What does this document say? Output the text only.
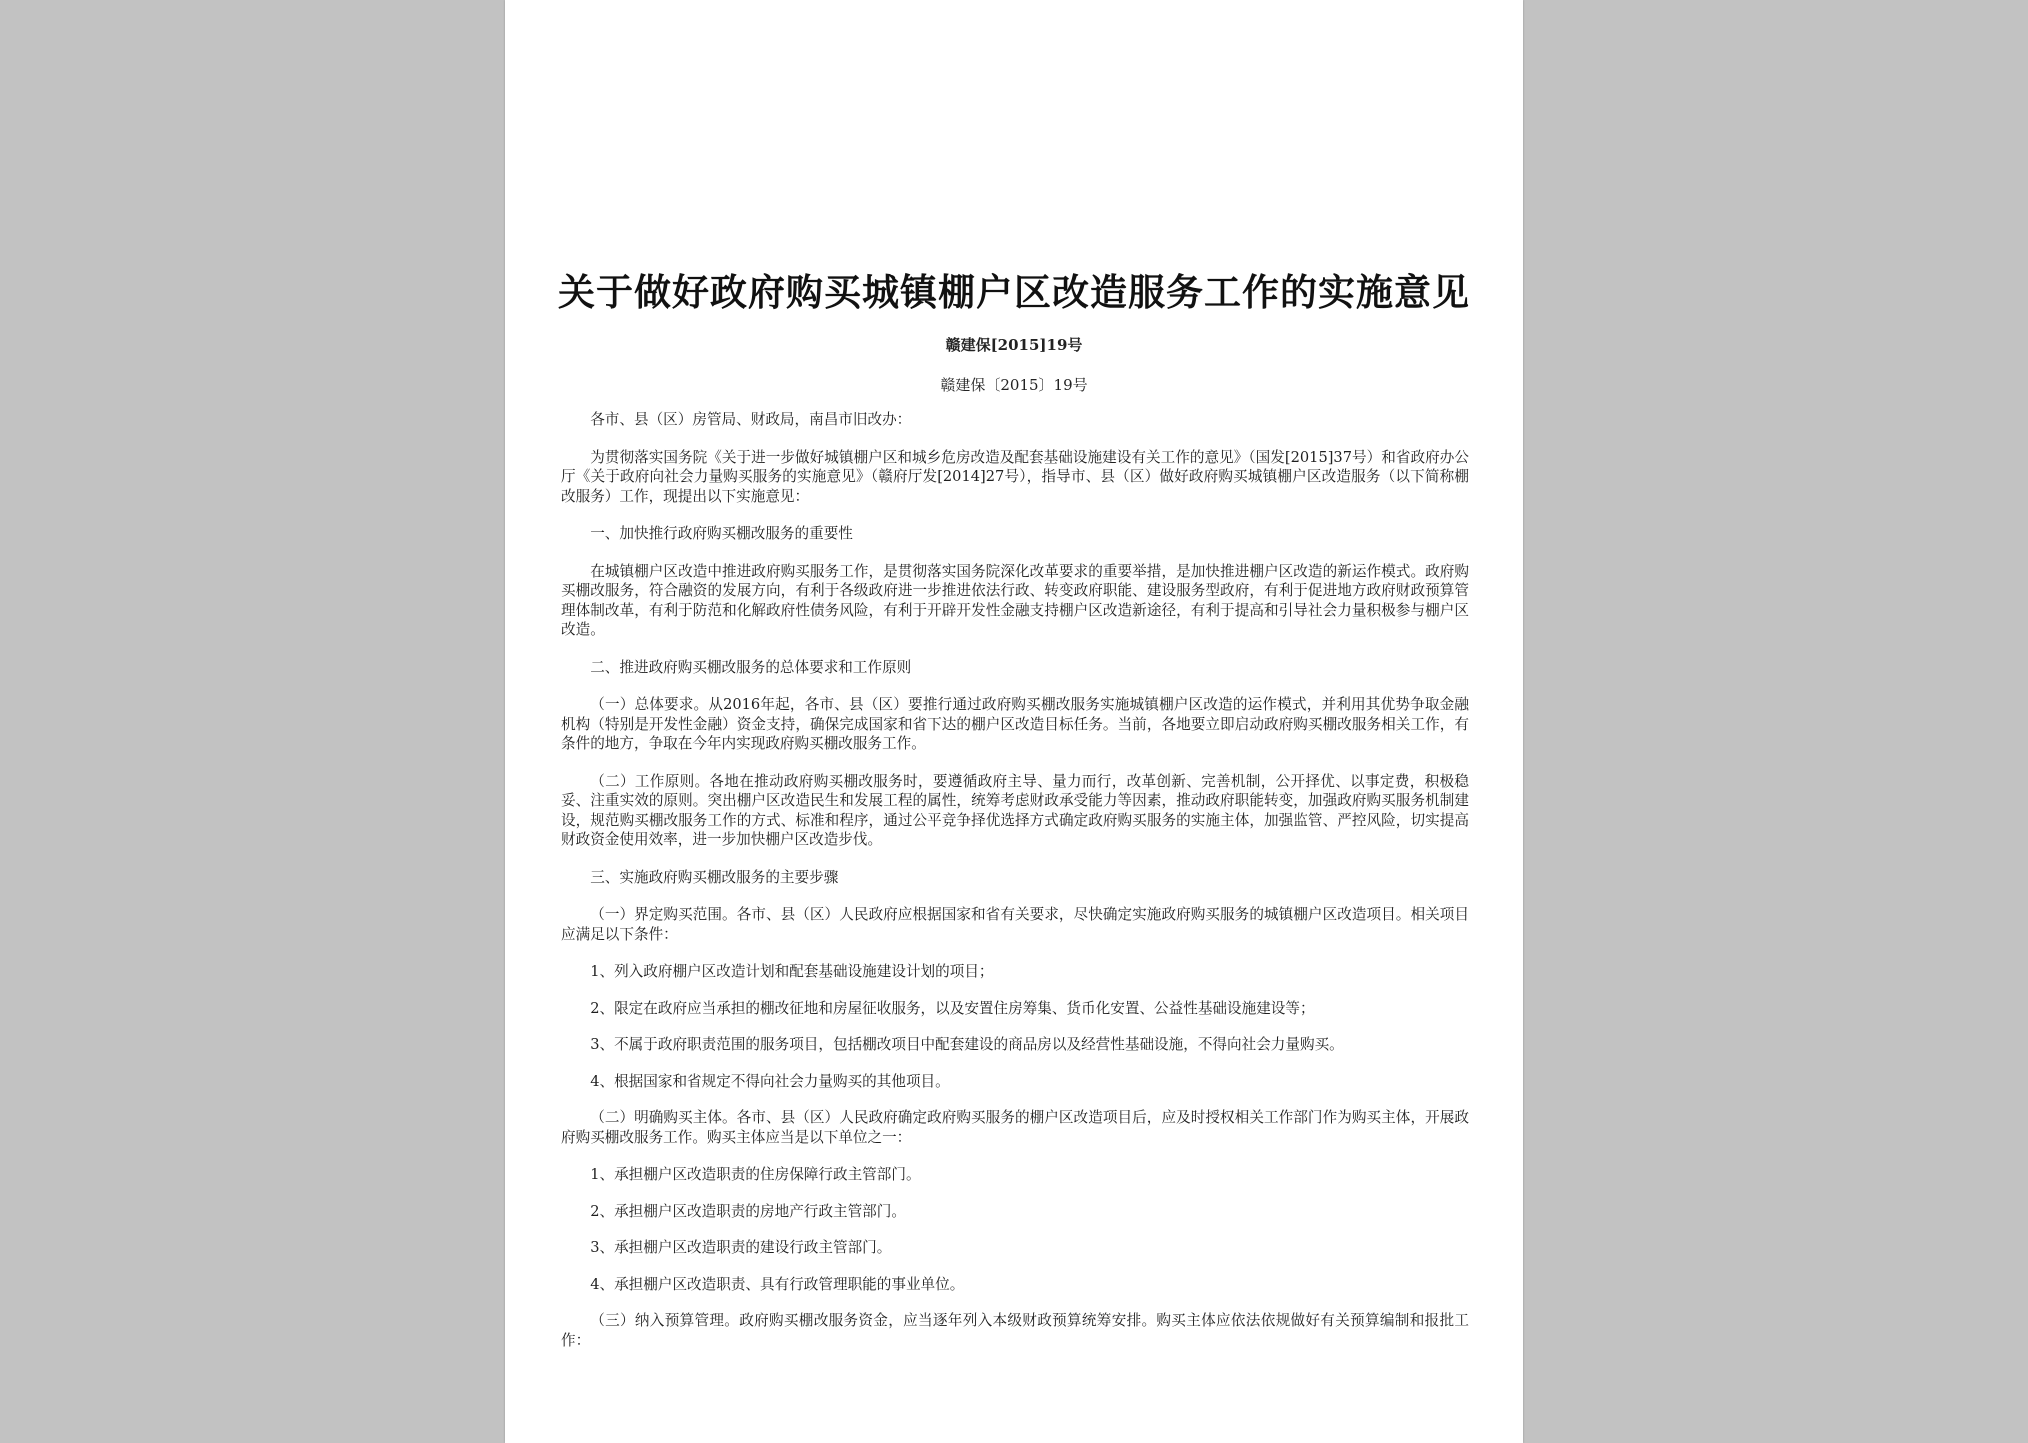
关于做好政府购买城镇棚户区改造服务工作的实施意见
赣建保[2015]19号
赣建保〔2015〕19号

各市、县（区）房管局、财政局，南昌市旧改办：

为贯彻落实国务院《关于进一步做好城镇棚户区和城乡危房改造及配套基础设施建设有关工作的意见》（国发[2015]37号）和省政府办公厅《关于政府向社会力量购买服务的实施意见》（赣府厅发[2014]27号），指导市、县（区）做好政府购买城镇棚户区改造服务（以下简称棚改服务）工作，现提出以下实施意见：

一、加快推行政府购买棚改服务的重要性

在城镇棚户区改造中推进政府购买服务工作，是贯彻落实国务院深化改革要求的重要举措，是加快推进棚户区改造的新运作模式。政府购买棚改服务，符合融资的发展方向，有利于各级政府进一步推进依法行政、转变政府职能、建设服务型政府，有利于促进地方政府财政预算管理体制改革，有利于防范和化解政府性债务风险，有利于开辟开发性金融支持棚户区改造新途径，有利于提高和引导社会力量积极参与棚户区改造。

二、推进政府购买棚改服务的总体要求和工作原则

（一）总体要求。从2016年起，各市、县（区）要推行通过政府购买棚改服务实施城镇棚户区改造的运作模式，并利用其优势争取金融机构（特别是开发性金融）资金支持，确保完成国家和省下达的棚户区改造目标任务。当前，各地要立即启动政府购买棚改服务相关工作，有条件的地方，争取在今年内实现政府购买棚改服务工作。

（二）工作原则。各地在推动政府购买棚改服务时，要遵循政府主导、量力而行，改革创新、完善机制，公开择优、以事定费，积极稳妥、注重实效的原则。突出棚户区改造民生和发展工程的属性，统筹考虑财政承受能力等因素，推动政府职能转变，加强政府购买服务机制建设，规范购买棚改服务工作的方式、标准和程序，通过公平竞争择优选择方式确定政府购买服务的实施主体，加强监管、严控风险，切实提高财政资金使用效率，进一步加快棚户区改造步伐。

三、实施政府购买棚改服务的主要步骤

（一）界定购买范围。各市、县（区）人民政府应根据国家和省有关要求，尽快确定实施政府购买服务的城镇棚户区改造项目。相关项目应满足以下条件：

1、列入政府棚户区改造计划和配套基础设施建设计划的项目；

2、限定在政府应当承担的棚改征地和房屋征收服务，以及安置住房筹集、货币化安置、公益性基础设施建设等；

3、不属于政府职责范围的服务项目，包括棚改项目中配套建设的商品房以及经营性基础设施，不得向社会力量购买。

4、根据国家和省规定不得向社会力量购买的其他项目。

（二）明确购买主体。各市、县（区）人民政府确定政府购买服务的棚户区改造项目后，应及时授权相关工作部门作为购买主体，开展政府购买棚改服务工作。购买主体应当是以下单位之一：

1、承担棚户区改造职责的住房保障行政主管部门。

2、承担棚户区改造职责的房地产行政主管部门。

3、承担棚户区改造职责的建设行政主管部门。

4、承担棚户区改造职责、具有行政管理职能的事业单位。

（三）纳入预算管理。政府购买棚改服务资金，应当逐年列入本级财政预算统筹安排。购买主体应依法依规做好有关预算编制和报批工作：
